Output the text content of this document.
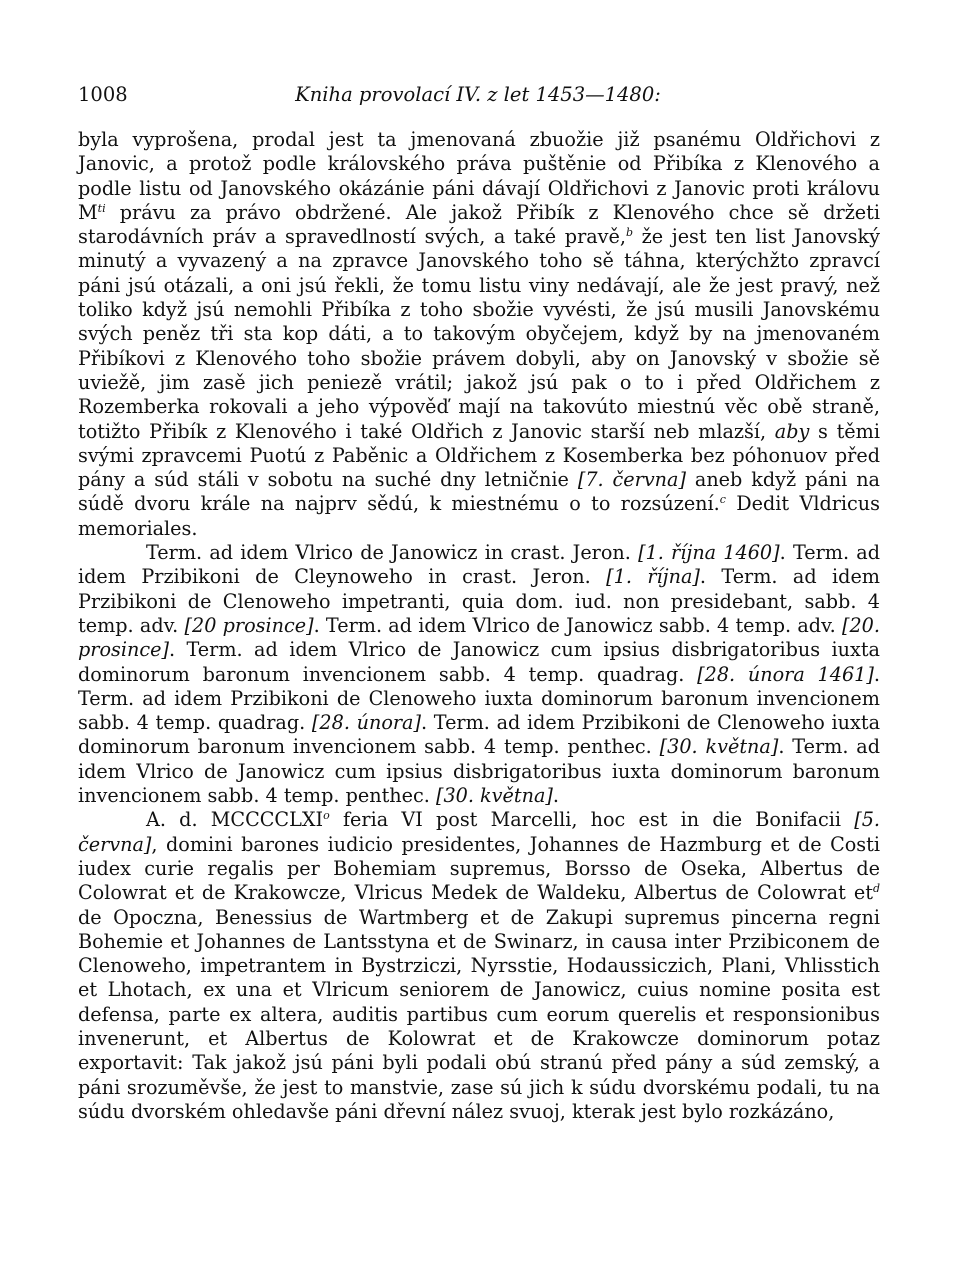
1008	Kniha provolací IV. z let 1453—1480:

byla vyprošena, prodal jest ta jmenovaná zbuožie již psanému Oldřichovi z Janovic, a protož podle královského práva puštěnie od Přibíka z Klenového a podle listu od Janovského okázánie páni dávají Oldřichovi z Janovic proti královu $M^{ti}$ právu za právo obdržené. Ale jakož Přibík z Klenového chce sě držeti starodávních práv a spravedlností svých, a také pravě,$^b$ že jest ten list Janovský minutý a vyvazený a na zpravce Janovského toho sě táhna, kterýchžto zpravcí páni jsú otázali, a oni jsú řekli, že tomu listu viny nedávají, ale že jest pravý, než toliko když jsú nemohli Přibíka z toho sbožie vyvésti, že jsú musili Janovskému svých peněz tři sta kop dáti, a to takovým obyčejem, když by na jmenovaném Přibíkovi z Klenového toho sbožie právem dobyli, aby on Janovský v sbožie sě uviežě, jim zasě jich peniezě vrátil; jakož jsú pak o to i před Oldřichem z Rozemberka rokovali a jeho výpověď mají na takovúto miestnú věc obě straně, totižto Přibík z Klenového i také Oldřich z Janovic starší neb mlazší, aby s těmi svými zpravcemi Puotú z Paběnic a Oldřichem z Kosemberka bez póhonuov před pány a súd stáli v sobotu na suché dny letničnie [7. června] aneb když páni na súdě dvoru krále na najprv sědú, k miestnému o to rozsúzení.$^c$ Dedit Vldricus memoriales.

Term. ad idem Vlrico de Janowicz in crast. Jeron. [1. října 1460]. Term. ad idem Przibikoni de Cleynoweho in crast. Jeron. [1. října]. Term. ad idem Przibikoni de Clenoweho impetranti, quia dom. iud. non presidebant, sabb. 4 temp. adv. [20 prosince]. Term. ad idem Vlrico de Janowicz sabb. 4 temp. adv. [20. prosince]. Term. ad idem Vlrico de Janowicz cum ipsius disbrigatoribus iuxta dominorum baronum invencionem sabb. 4 temp. quadrag. [28. února 1461]. Term. ad idem Przibikoni de Clenoweho iuxta dominorum baronum invencionem sabb. 4 temp. quadrag. [28. února]. Term. ad idem Przibikoni de Clenoweho iuxta dominorum baronum invencionem sabb. 4 temp. penthec. [30. května]. Term. ad idem Vlrico de Janowicz cum ipsius disbrigatoribus iuxta dominorum baronum invencionem sabb. 4 temp. penthec. [30. května].

A. d. MCCCCLXI$^o$ feria VI post Marcelli, hoc est in die Bonifacii [5. června], domini barones iudicio presidentes, Johannes de Hazmburg et de Costi iudex curie regalis per Bohemiam supremus, Borsso de Oseka, Albertus de Colowrat et de Krakowcze, Vlricus Medek de Waldeku, Albertus de Colowrat $et^d$ de Opoczna, Benessius de Wartmberg et de Zakupi supremus pincerna regni Bohemie et Johannes de Lantsstyna et de Swinarz, in causa inter Przibiconem de Clenoweho, impetrantem in Bystrziczi, Nyrsstie, Hodaussiczich, Plani, Vhlisstich et Lhotach, ex una et Vlricum seniorem de Janowicz, cuius nomine posita est defensa, parte ex altera, auditis partibus cum eorum querelis et responsionibus invenerunt, et Albertus de Kolowrat et de Krakowcze dominorum potaz exportavit: Tak jakož jsú páni byli podali obú stranú před pány a súd zemský, a páni srozuměvše, že jest to manstvie, zase sú jich k súdu dvorskému podali, tu na súdu dvorském ohledavše páni dřevní nález svuoj, kterak jest bylo rozkázáno,
